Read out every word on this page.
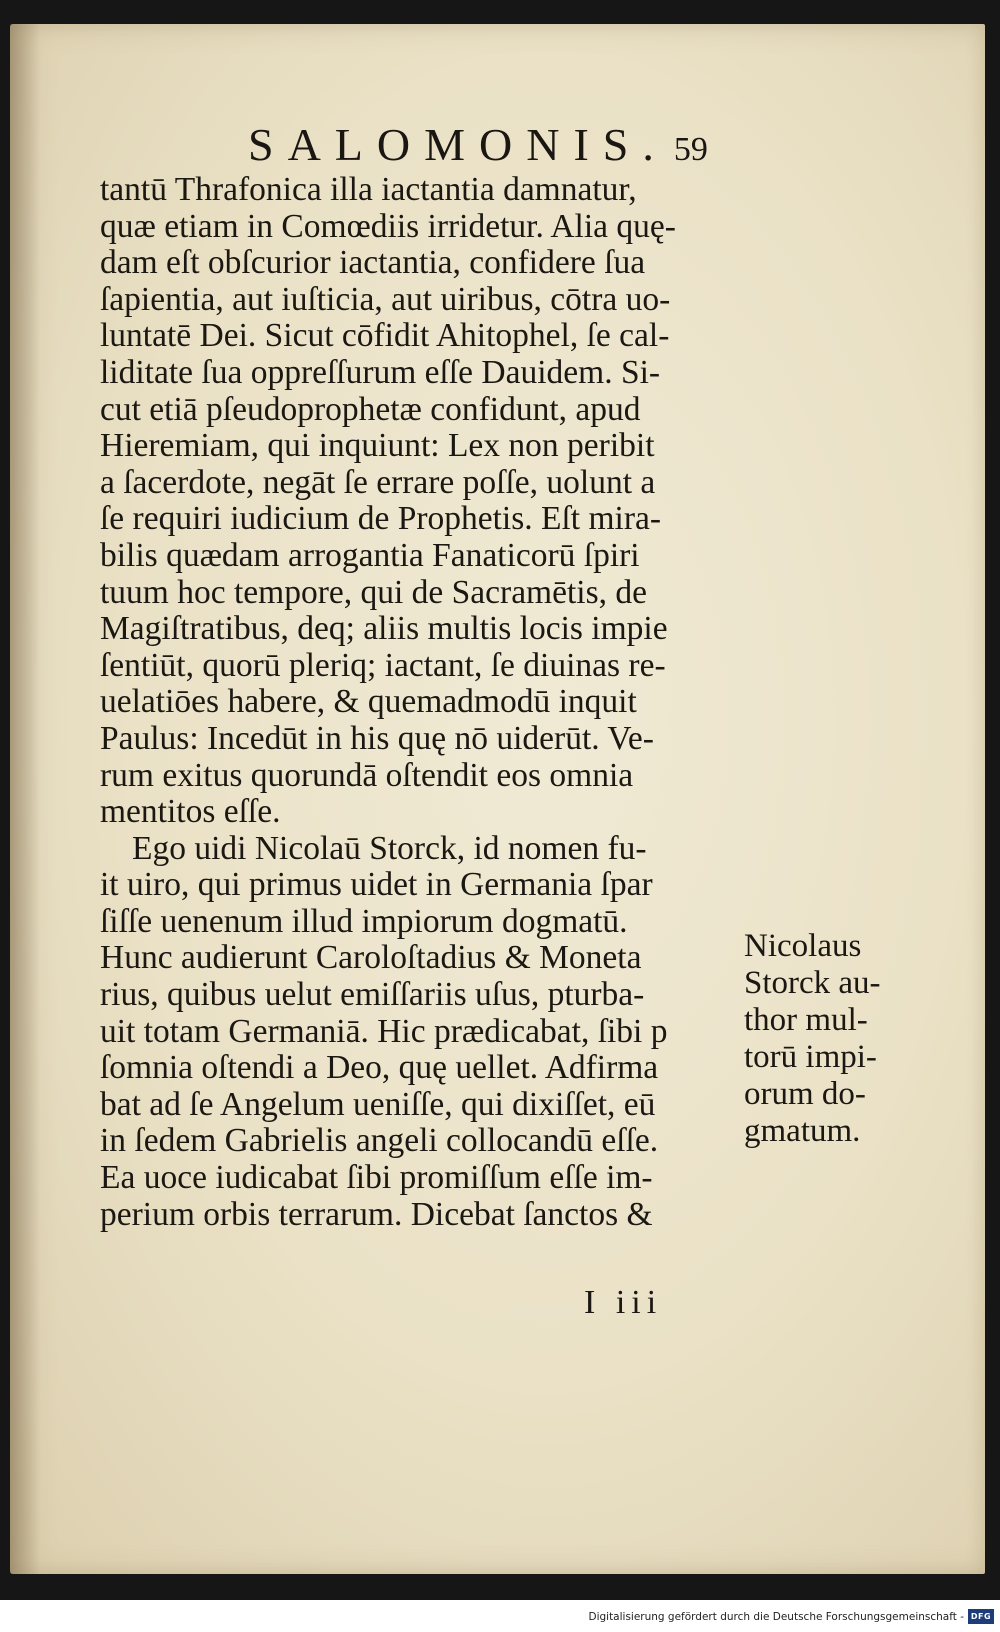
SALOMONIS. 59
tantū Thrafonica illa iactantia damnatur,
quæ etiam in Comœdiis irridetur. Alia quę-
dam eſt obſcurior iactantia, confidere ſua
ſapientia, aut iuſticia, aut uiribus, cōtra uo-
luntatē Dei. Sicut cōfidit Ahitophel, ſe cal-
liditate ſua oppreſſurum eſſe Dauidem. Si-
cut etiā pſeudoprophetæ confidunt, apud
Hieremiam, qui inquiunt: Lex non peribit
a ſacerdote, negāt ſe errare poſſe, uolunt a
ſe requiri iudicium de Prophetis. Eſt mira-
bilis quædam arrogantia Fanaticorū ſpiri
tuum hoc tempore, qui de Sacramētis, de
Magiſtratibus, deq; aliis multis locis impie
ſentiūt, quorū pleriq; iactant, ſe diuinas re-
uelatiōes habere, & quemadmodū inquit
Paulus: Incedūt in his quę nō uiderūt. Ve-
rum exitus quorundā oſtendit eos omnia
mentitos eſſe.
Ego uidi Nicolaū Storck, id nomen fu-
it uiro, qui primus uidet in Germania ſpar
ſiſſe uenenum illud impiorum dogmatū.
Hunc audierunt Caroloſtadius & Moneta
rius, quibus uelut emiſſariis uſus, pturba-
uit totam Germaniā. Hic prædicabat, ſibi p
ſomnia oſtendi a Deo, quę uellet. Adfirma
bat ad ſe Angelum ueniſſe, qui dixiſſet, eū
in ſedem Gabrielis angeli collocandū eſſe.
Ea uoce iudicabat ſibi promiſſum eſſe im-
perium orbis terrarum. Dicebat ſanctos &
Nicolaus
Storck au-
thor mul-
torū impi-
orum do-
gmatum.
I iii
Digitalisierung gefördert durch die Deutsche Forschungsgemeinschaft - DFG
